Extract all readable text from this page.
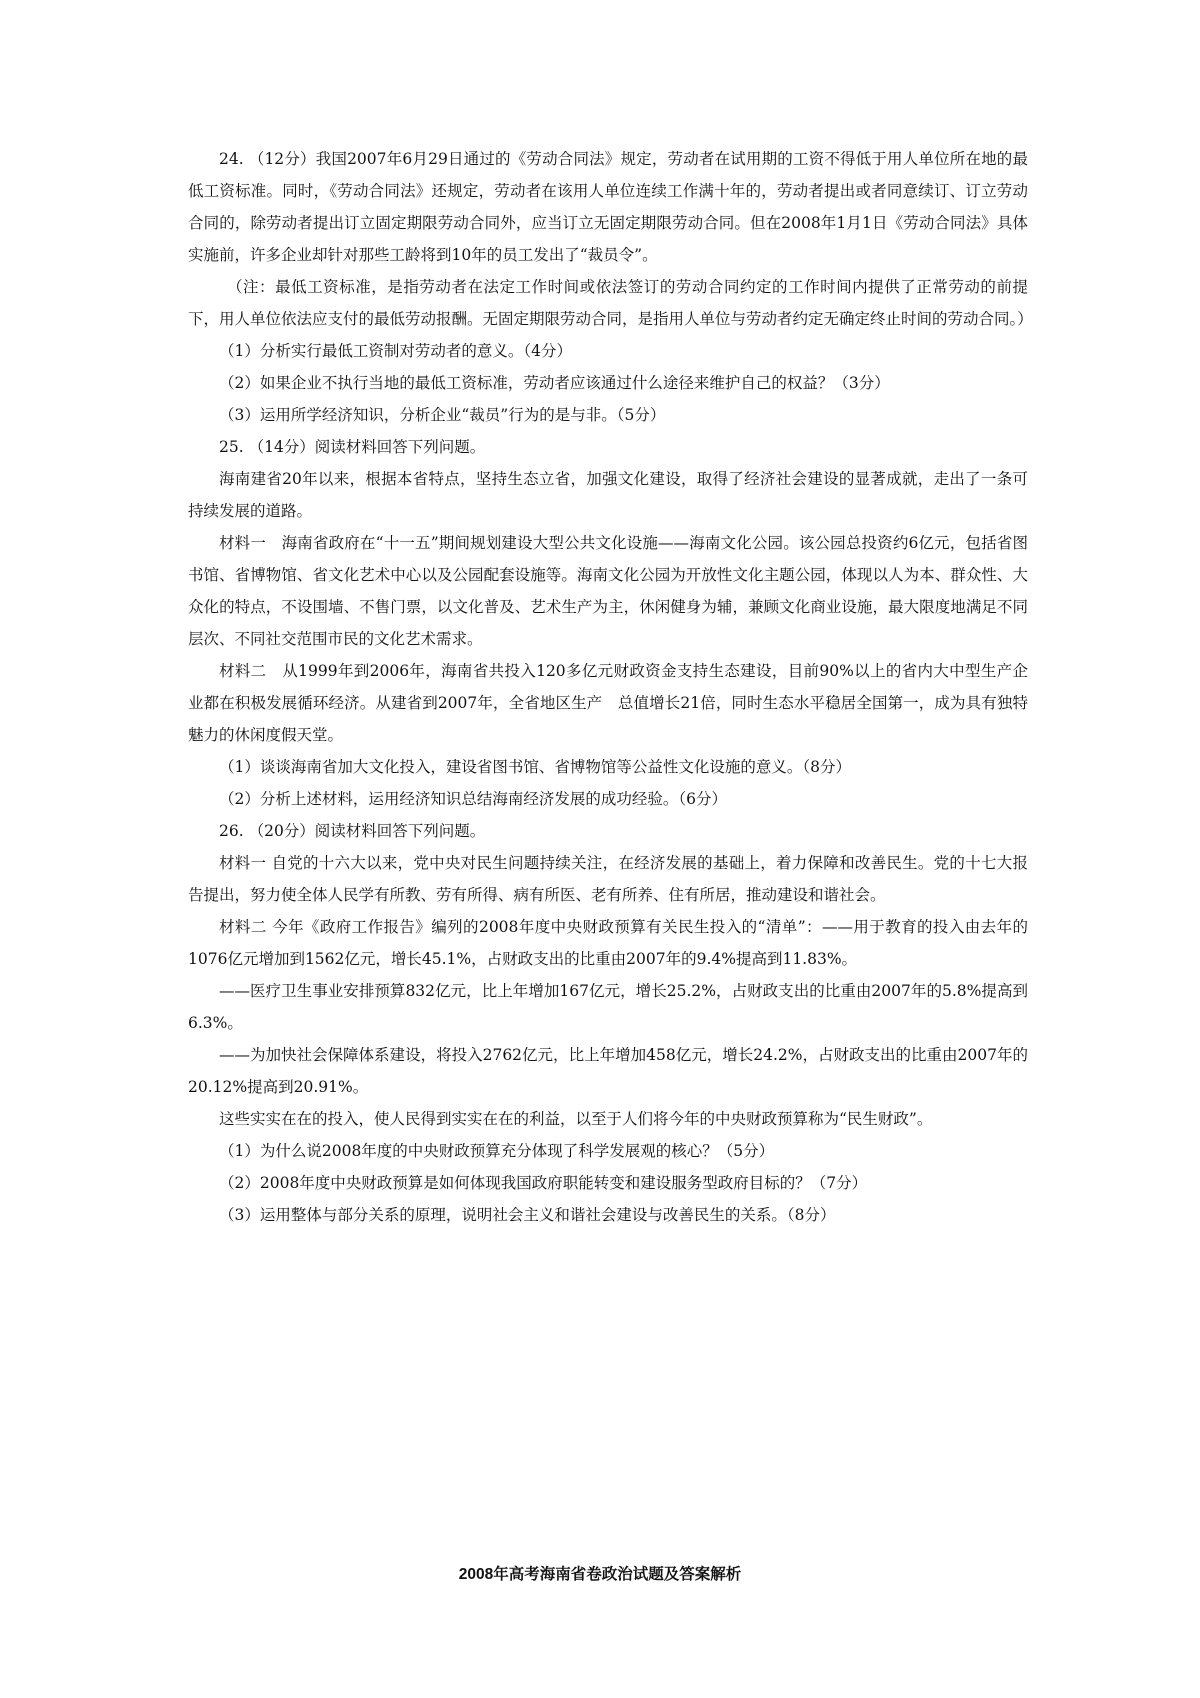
24. （12分）我国2007年6月29日通过的《劳动合同法》规定，劳动者在试用期的工资不得低于用人单位所在地的最低工资标准。同时，《劳动合同法》还规定，劳动者在该用人单位连续工作满十年的，劳动者提出或者同意续订、订立劳动合同的，除劳动者提出订立固定期限劳动合同外，应当订立无固定期限劳动合同。但在2008年1月1日《劳动合同法》具体实施前，许多企业却针对那些工龄将到10年的员工发出了“裁员令”。

（注：最低工资标准，是指劳动者在法定工作时间或依法签订的劳动合同约定的工作时间内提供了正常劳动的前提下，用人单位依法应支付的最低劳动报酬。无固定期限劳动合同，是指用人单位与劳动者约定无确定终止时间的劳动合同。）

（1）分析实行最低工资制对劳动者的意义。（4分）

（2）如果企业不执行当地的最低工资标准，劳动者应该通过什么途径来维护自己的权益？（3分）

（3）运用所学经济知识，分析企业“裁员”行为的是与非。（5分）

25. （14分）阅读材料回答下列问题。

海南建省20年以来，根据本省特点，坚持生态立省，加强文化建设，取得了经济社会建设的显著成就，走出了一条可持续发展的道路。

材料一　海南省政府在“十一五”期间规划建设大型公共文化设施——海南文化公园。该公园总投资约6亿元，包括省图书馆、省博物馆、省文化艺术中心以及公园配套设施等。海南文化公园为开放性文化主题公园，体现以人为本、群众性、大众化的特点，不设围墙、不售门票，以文化普及、艺术生产为主，休闲健身为辅，兼顾文化商业设施，最大限度地满足不同层次、不同社交范围市民的文化艺术需求。

材料二　从1999年到2006年，海南省共投入120多亿元财政资金支持生态建设，目前90%以上的省内大中型生产企业都在积极发展循环经济。从建省到2007年，全省地区生产　总值增长21倍，同时生态水平稳居全国第一，成为具有独特魅力的休闲度假天堂。

（1）谈谈海南省加大文化投入，建设省图书馆、省博物馆等公益性文化设施的意义。（8分）

（2）分析上述材料，运用经济知识总结海南经济发展的成功经验。（6分）

26. （20分）阅读材料回答下列问题。

材料一 自党的十六大以来，党中央对民生问题持续关注，在经济发展的基础上，着力保障和改善民生。党的十七大报告提出，努力使全体人民学有所教、劳有所得、病有所医、老有所养、住有所居，推动建设和谐社会。

材料二 今年《政府工作报告》编列的2008年度中央财政预算有关民生投入的“清单”：——用于教育的投入由去年的1076亿元增加到1562亿元，增长45.1%，占财政支出的比重由2007年的9.4%提高到11.83%。

——医疗卫生事业安排预算832亿元，比上年增加167亿元，增长25.2%，占财政支出的比重由2007年的5.8%提高到6.3%。

——为加快社会保障体系建设，将投入2762亿元，比上年增加458亿元，增长24.2%，占财政支出的比重由2007年的20.12%提高到20.91%。

这些实实在在的投入，使人民得到实实在在的利益，以至于人们将今年的中央财政预算称为“民生财政”。

（1）为什么说2008年度的中央财政预算充分体现了科学发展观的核心？（5分）

（2）2008年度中央财政预算是如何体现我国政府职能转变和建设服务型政府目标的？（7分）

（3）运用整体与部分关系的原理，说明社会主义和谐社会建设与改善民生的关系。（8分）

2008年高考海南省卷政治试题及答案解析
